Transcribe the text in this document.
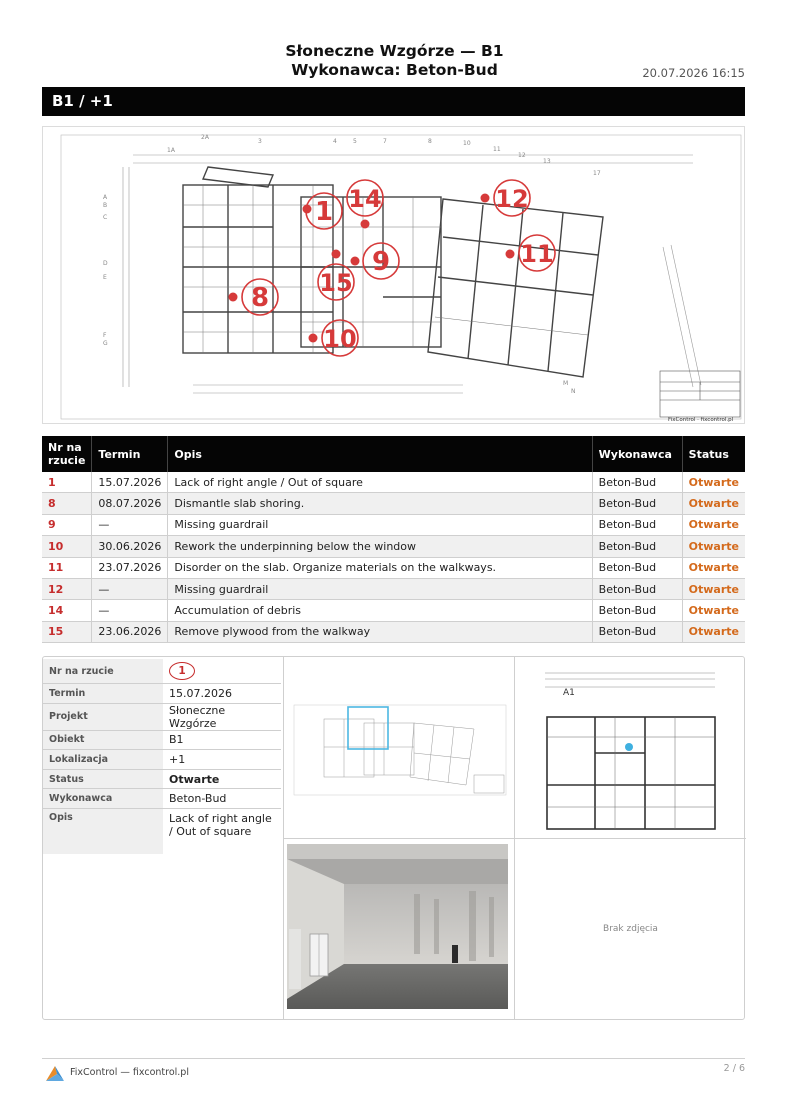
Słoneczne Wzgórze — B1
Wykonawca: Beton-Bud	20.07.2026 16:15
B1 / +1
1A
2A
3	4	5	7	8	10
11
12
13
17
A
B
C
D
E
F
G
M
N
FixControl · fixcontrol.pl
1 14	12
9	11
15
8
10
Nr na
rzucie	Termin	Opis	Wykonawca	Status
1	15.07.2026	Lack of right angle / Out of square	Beton-Bud	Otwarte
8	08.07.2026	Dismantle slab shoring.	Beton-Bud	Otwarte
9	—	Missing guardrail	Beton-Bud	Otwarte
10	30.06.2026	Rework the underpinning below the window	Beton-Bud	Otwarte
11	23.07.2026	Disorder on the slab. Organize materials on the walkways.	Beton-Bud	Otwarte
12	—	Missing guardrail	Beton-Bud	Otwarte
14	—	Accumulation of debris	Beton-Bud	Otwarte
15	23.06.2026	Remove plywood from the walkway	Beton-Bud	Otwarte
Nr na rzucie	1
Termin	15.07.2026
Projekt	Słoneczne Wzgórze
Obiekt	B1
Lokalizacja	+1
Status	Otwarte
Wykonawca	Beton-Bud
Opis	Lack of right angle / Out of square
A1
Brak zdjęcia
FixControl — fixcontrol.pl	2 / 6
